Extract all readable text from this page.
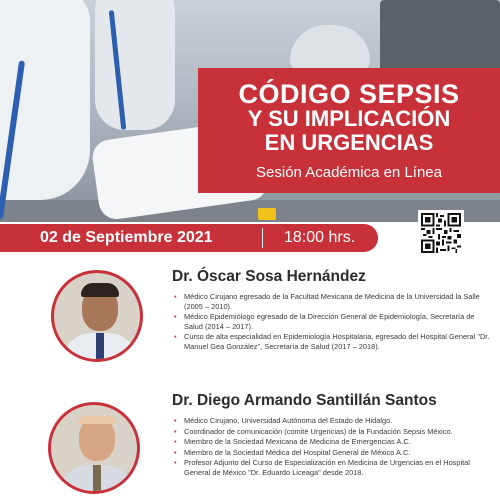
CÓDIGO SEPSIS
Y SU IMPLICACIÓN
EN URGENCIAS
Sesión Académica en Línea
02 de Septiembre 2021	18:00 hrs.
Dr. Óscar Sosa Hernández
• Médico Cirujano egresado de la Facultad Mexicana de Medicina de la Universidad la Salle (2005 – 2010).
• Médico Epidemiólogo egresado de la Dirección General de Epidemiología, Secretaría de Salud (2014 – 2017).
• Curso de alta especialidad en Epidemiología Hospitalaria, egresado del Hospital General "Dr. Manuel Gea González", Secretaría de Salud (2017 – 2018).
Dr. Diego Armando Santillán Santos
• Médico Cirujano, Universidad Autónoma del Estado de Hidalgo.
• Coordinador de comunicación (comité Urgencias) de la Fundación Sepsis México.
• Miembro de la Sociedad Mexicana de Medicina de Emergencias A.C.
• Miembro de la Sociedad Médica del Hospital General de México A.C.
• Profesor Adjunto del Curso de Especialización en Medicina de Urgencias en el Hospital General de México "Dr. Eduardo Liceaga" desde 2018.
